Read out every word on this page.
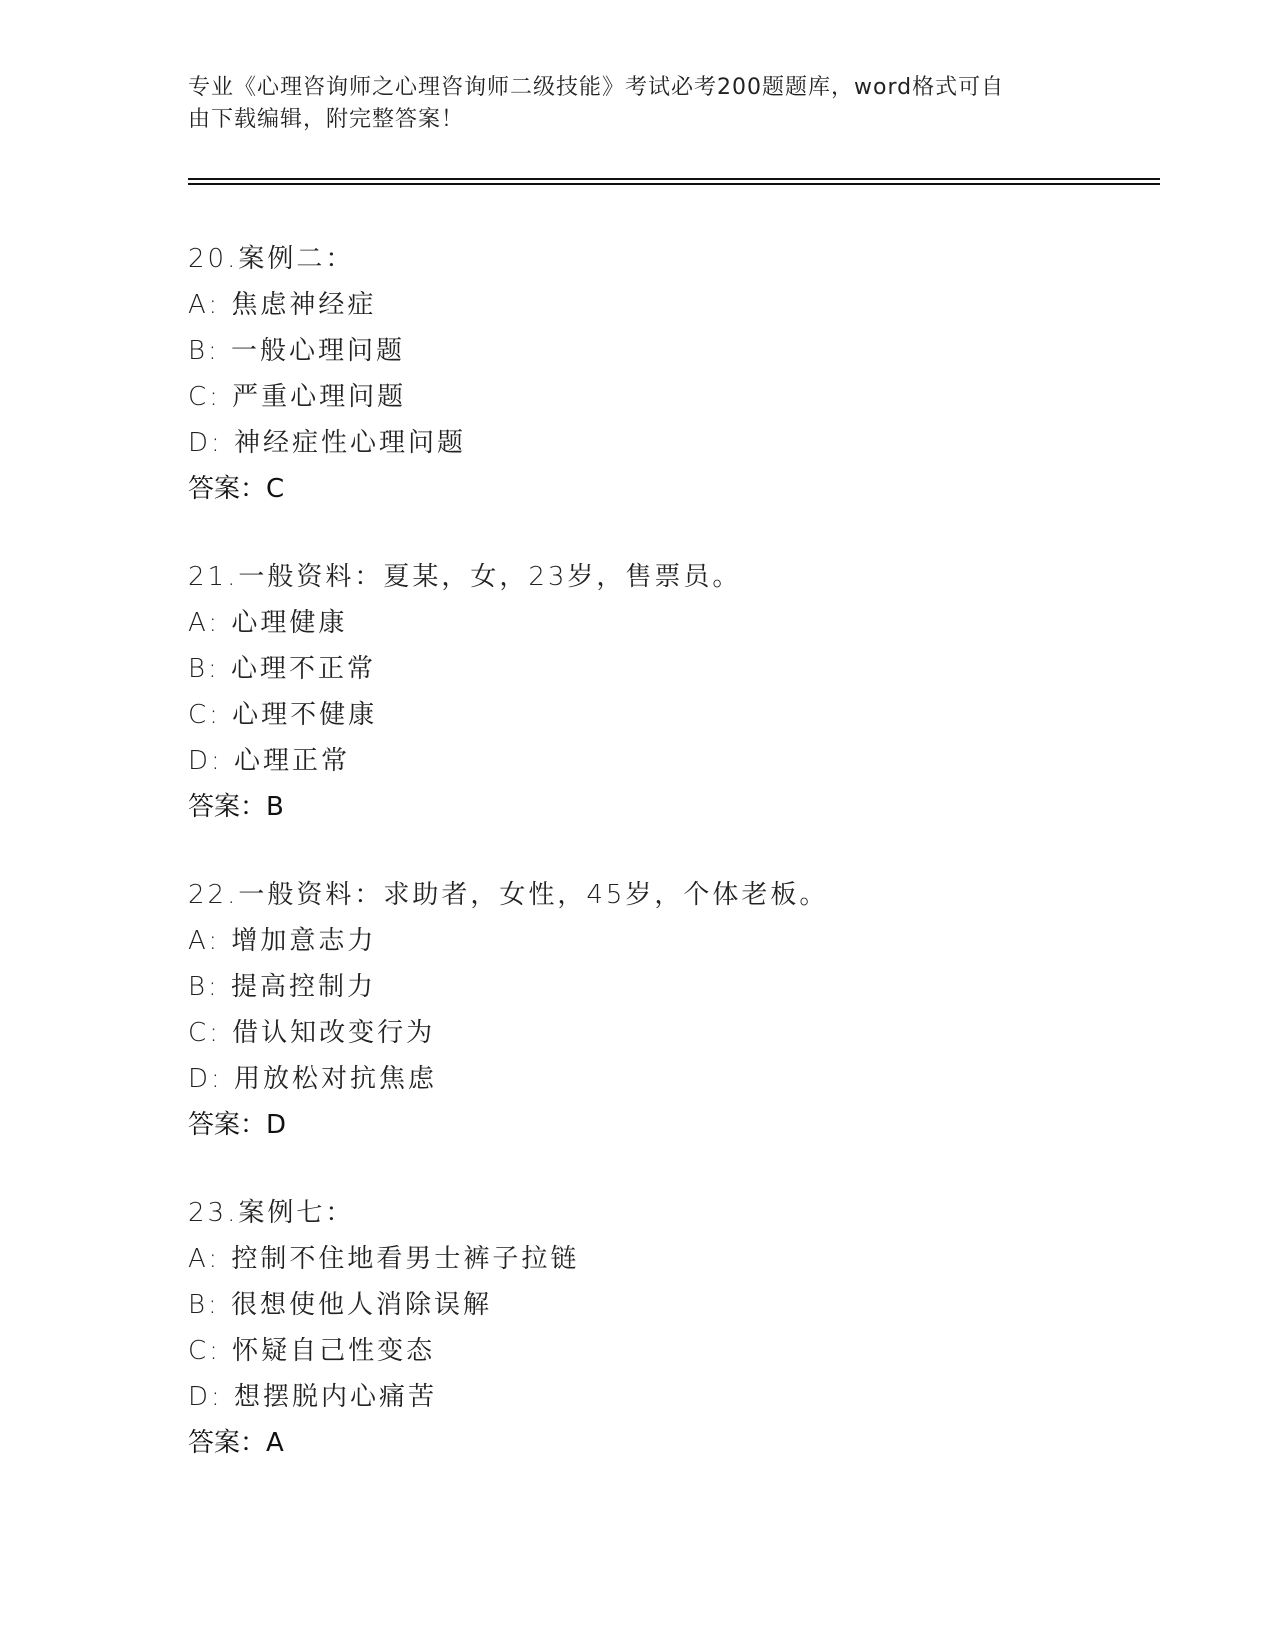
专业《心理咨询师之心理咨询师二级技能》考试必考200题题库，word格式可自
由下载编辑，附完整答案！
20.案例二：
A: 焦虑神经症
B: 一般心理问题
C: 严重心理问题
D: 神经症性心理问题
答案：C
21.一般资料：夏某，女，23岁，售票员。
A: 心理健康
B: 心理不正常
C: 心理不健康
D: 心理正常
答案：B
22.一般资料：求助者，女性，45岁，个体老板。
A: 增加意志力
B: 提高控制力
C: 借认知改变行为
D: 用放松对抗焦虑
答案：D
23.案例七：
A: 控制不住地看男士裤子拉链
B: 很想使他人消除误解
C: 怀疑自己性变态
D: 想摆脱内心痛苦
答案：A
